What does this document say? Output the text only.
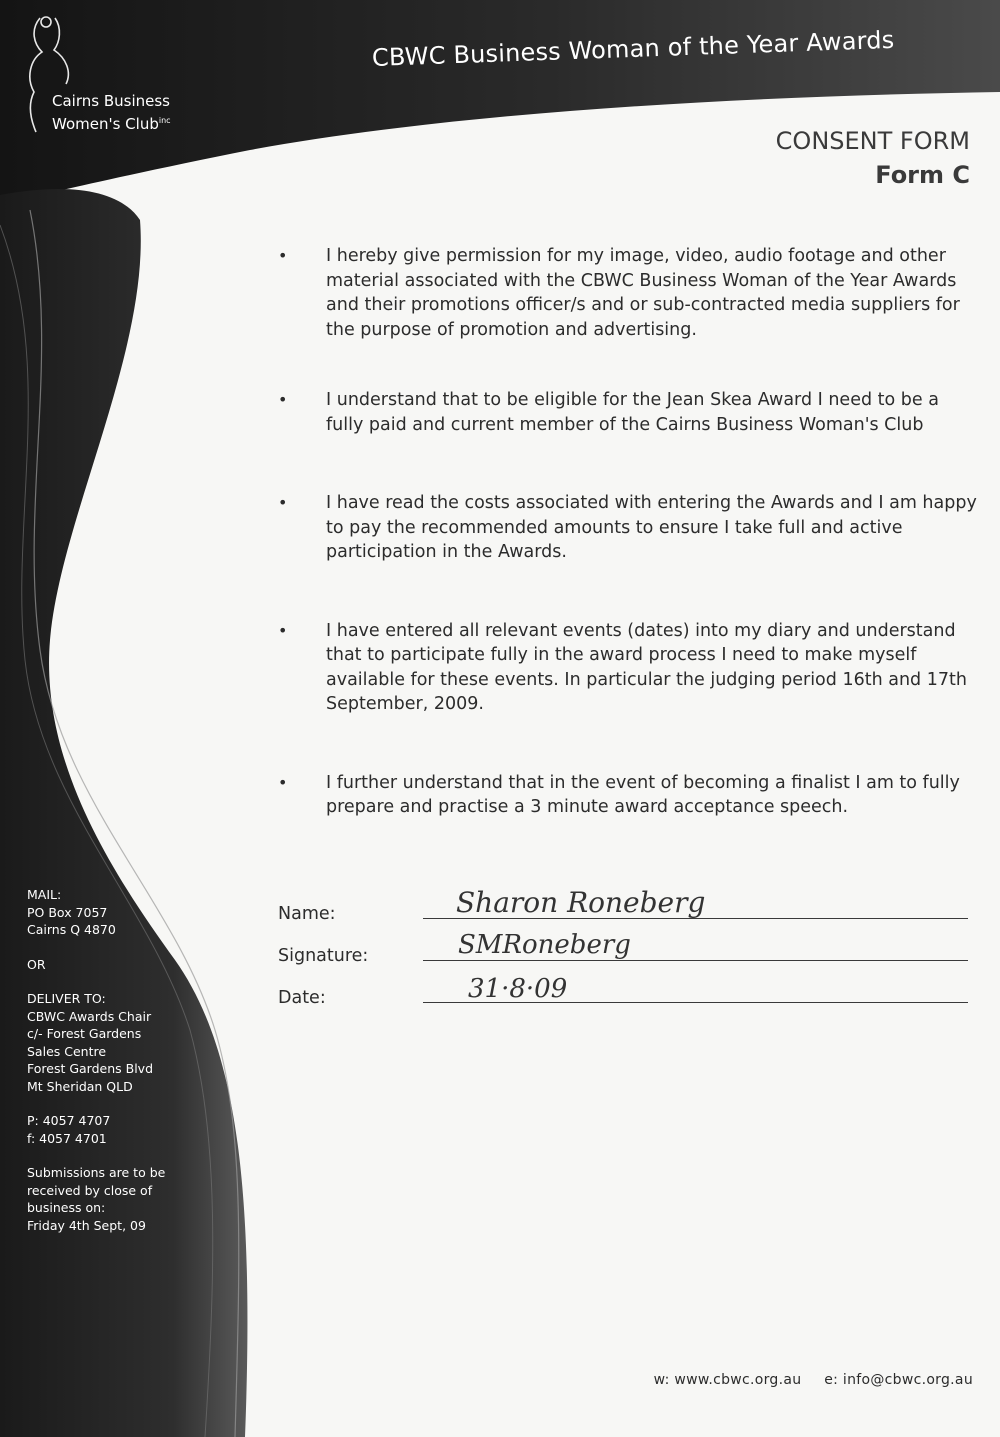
Cairns Business
Women's Club$^{inc}$
CBWC Business Woman of the Year Awards
CONSENT FORM
Form C
• I hereby give permission for my image, video, audio footage and other material associated with the CBWC Business Woman of the Year Awards and their promotions officer/s and or sub-contracted media suppliers for the purpose of promotion and advertising.
• I understand that to be eligible for the Jean Skea Award I need to be a fully paid and current member of the Cairns Business Woman's Club
• I have read the costs associated with entering the Awards and I am happy to pay the recommended amounts to ensure I take full and active participation in the Awards.
• I have entered all relevant events (dates) into my diary and understand that to participate fully in the award process I need to make myself available for these events. In particular the judging period 16th and 17th September, 2009.
• I further understand that in the event of becoming a finalist I am to fully prepare and practise a 3 minute award acceptance speech.
Name:	Sharon Roneberg
Signature:	SMRoneberg
Date:	31·8·09
MAIL:
PO Box 7057
Cairns Q 4870
OR
DELIVER TO:
CBWC Awards Chair
c/- Forest Gardens
Sales Centre
Forest Gardens Blvd
Mt Sheridan QLD
P: 4057 4707
f: 4057 4701
Submissions are to be
received by close of
business on:
Friday 4th Sept, 09
w: www.cbwc.org.au e: info@cbwc.org.au
